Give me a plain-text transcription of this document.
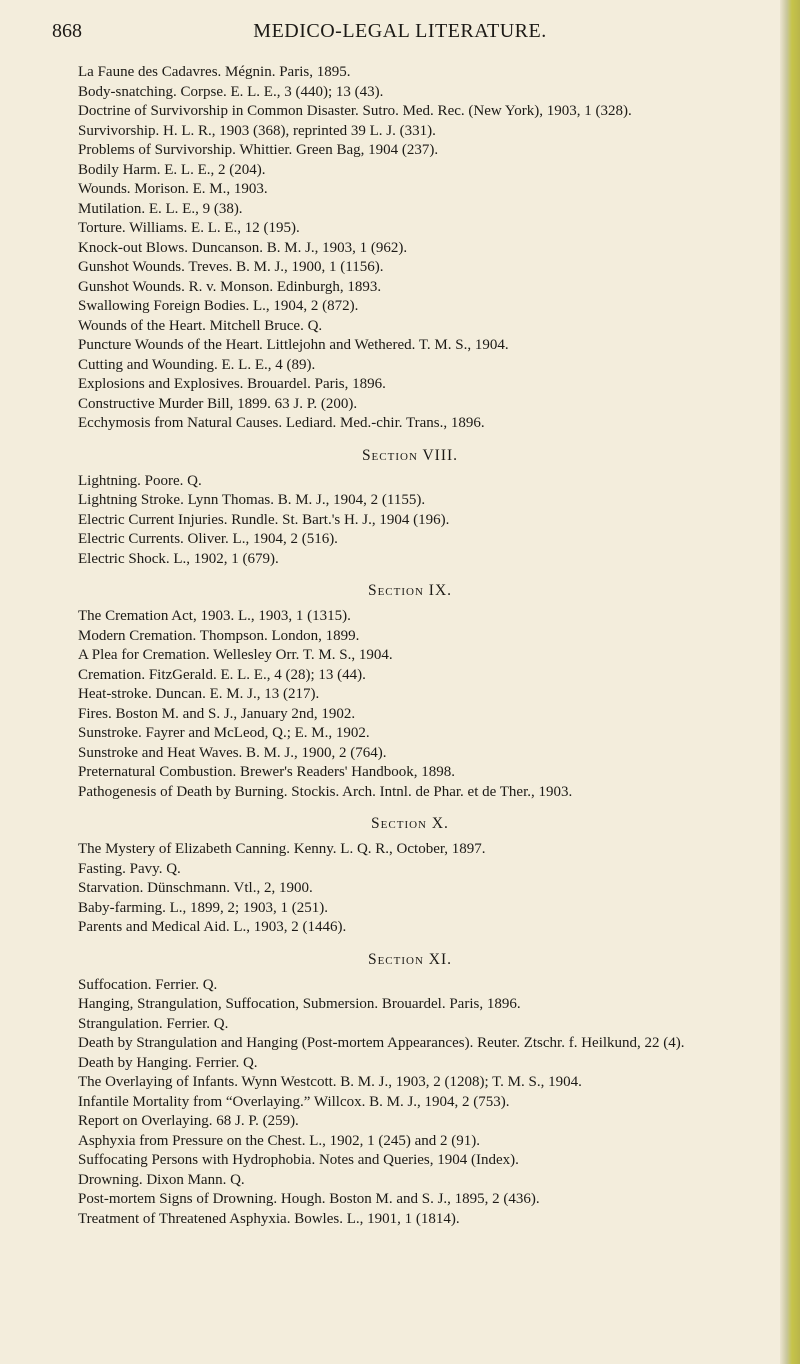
868	MEDICO-LEGAL LITERATURE.
La Faune des Cadavres. Mégnin. Paris, 1895.
Body-snatching. Corpse. E. L. E., 3 (440); 13 (43).
Doctrine of Survivorship in Common Disaster. Sutro. Med. Rec. (New York), 1903, 1 (328).
Survivorship. H. L. R., 1903 (368), reprinted 39 L. J. (331).
Problems of Survivorship. Whittier. Green Bag, 1904 (237).
Bodily Harm. E. L. E., 2 (204).
Wounds. Morison. E. M., 1903.
Mutilation. E. L. E., 9 (38).
Torture. Williams. E. L. E., 12 (195).
Knock-out Blows. Duncanson. B. M. J., 1903, 1 (962).
Gunshot Wounds. Treves. B. M. J., 1900, 1 (1156).
Gunshot Wounds. R. v. Monson. Edinburgh, 1893.
Swallowing Foreign Bodies. L., 1904, 2 (872).
Wounds of the Heart. Mitchell Bruce. Q.
Puncture Wounds of the Heart. Littlejohn and Wethered. T. M. S., 1904.
Cutting and Wounding. E. L. E., 4 (89).
Explosions and Explosives. Brouardel. Paris, 1896.
Constructive Murder Bill, 1899. 63 J. P. (200).
Ecchymosis from Natural Causes. Lediard. Med.-chir. Trans., 1896.
Section VIII.
Lightning. Poore. Q.
Lightning Stroke. Lynn Thomas. B. M. J., 1904, 2 (1155).
Electric Current Injuries. Rundle. St. Bart.'s H. J., 1904 (196).
Electric Currents. Oliver. L., 1904, 2 (516).
Electric Shock. L., 1902, 1 (679).
Section IX.
The Cremation Act, 1903. L., 1903, 1 (1315).
Modern Cremation. Thompson. London, 1899.
A Plea for Cremation. Wellesley Orr. T. M. S., 1904.
Cremation. FitzGerald. E. L. E., 4 (28); 13 (44).
Heat-stroke. Duncan. E. M. J., 13 (217).
Fires. Boston M. and S. J., January 2nd, 1902.
Sunstroke. Fayrer and McLeod, Q.; E. M., 1902.
Sunstroke and Heat Waves. B. M. J., 1900, 2 (764).
Preternatural Combustion. Brewer's Readers' Handbook, 1898.
Pathogenesis of Death by Burning. Stockis. Arch. Intnl. de Phar. et de Ther., 1903.
Section X.
The Mystery of Elizabeth Canning. Kenny. L. Q. R., October, 1897.
Fasting. Pavy. Q.
Starvation. Dünschmann. Vtl., 2, 1900.
Baby-farming. L., 1899, 2; 1903, 1 (251).
Parents and Medical Aid. L., 1903, 2 (1446).
Section XI.
Suffocation. Ferrier. Q.
Hanging, Strangulation, Suffocation, Submersion. Brouardel. Paris, 1896.
Strangulation. Ferrier. Q.
Death by Strangulation and Hanging (Post-mortem Appearances). Reuter. Ztschr. f. Heilkund, 22 (4).
Death by Hanging. Ferrier. Q.
The Overlaying of Infants. Wynn Westcott. B. M. J., 1903, 2 (1208); T. M. S., 1904.
Infantile Mortality from “Overlaying.” Willcox. B. M. J., 1904, 2 (753).
Report on Overlaying. 68 J. P. (259).
Asphyxia from Pressure on the Chest. L., 1902, 1 (245) and 2 (91).
Suffocating Persons with Hydrophobia. Notes and Queries, 1904 (Index).
Drowning. Dixon Mann. Q.
Post-mortem Signs of Drowning. Hough. Boston M. and S. J., 1895, 2 (436).
Treatment of Threatened Asphyxia. Bowles. L., 1901, 1 (1814).
